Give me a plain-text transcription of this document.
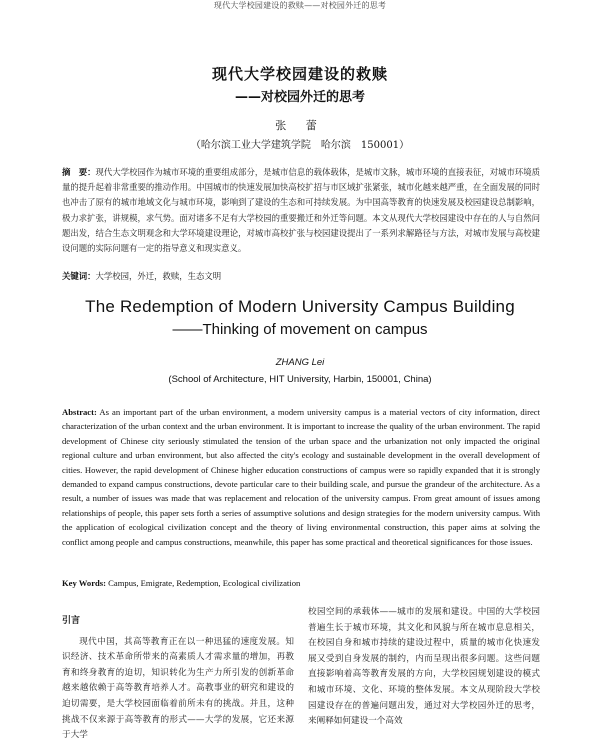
现代大学校园建设的救赎——对校园外迁的思考
现代大学校园建设的救赎
——对校园外迁的思考
张 蕾
（哈尔滨工业大学建筑学院　哈尔滨　150001）
摘　要：现代大学校园作为城市环境的重要组成部分，是城市信息的载体载体，是城市文脉，城市环境的直接表征，对城市环境质量的提升起着非常重要的推动作用。中国城市的快速发展加快高校扩招与市区域扩张紧张，城市化越来越严重，在全面发展的同时也冲击了原有的城市地域文化与城市环境，影响到了建设的生态和可持续发展。为中国高等教育的快速发展及校园建设总制影响，极力求扩张，讲规模，求气势。面对诸多不足有大学校园的重要搬迁和外迁等问题。本文从现代大学校园建设中存在的人与自然问题出发，结合生态文明观念和大学环境建设理论，对城市高校扩张与校园建设提出了一系列求解路径与方法，对城市发展与高校建设问题的实际问题有一定的指导意义和现实意义。
关键词：大学校园，外迁，救赎，生态文明
The Redemption of Modern University Campus Building
——Thinking of movement on campus
ZHANG Lei
(School of Architecture, HIT University, Harbin, 150001, China)
Abstract: As an important part of the urban environment, a modern university campus is a material vectors of city information, direct characterization of the urban context and the urban environment. It is important to increase the quality of the urban environment. The rapid development of Chinese city seriously stimulated the tension of the urban space and the urbanization not only impacted the original regional culture and urban environment, but also affected the city's ecology and sustainable development in the overall development of cities. However, the rapid development of Chinese higher education constructions of campus were so rapidly expanded that it is strongly demanded to expand campus constructions, devote particular care to their building scale, and pursue the grandeur of the architecture. As a result, a number of issues was made that was replacement and relocation of the university campus. From great amount of issues among relationships of people, this paper sets forth a series of assumptive solutions and design strategies for the modern university campus. With the application of ecological civilization concept and the theory of living environmental construction, this paper aims at solving the conflict among people and campus constructions, meanwhile, this paper has some practical and theoretical significances for those issues.
Key Words: Campus, Emigrate, Redemption, Ecological civilization
引言

现代中国，其高等教育正在以一种迅猛的速度发展。知识经济、技术革命所带来的高素质人才需求量的增加，再教育和终身教育的迫切，知识转化为生产力所引发的创新革命越来越依赖于高等教育培养人才。高教事业的研究和建设的迫切需要，是大学校园面临着前所未有的挑战。并且，这种挑战不仅来源于高等教育的形式——大学的发展，它还来源于大学

校园空间的承载体——城市的发展和建设。中国的大学校园普遍生长于城市环境，其文化和风貌与所在城市息息相关，在校园自身和城市持续的建设过程中，质量的城市化快速发展又受到自身发展的制约，内而呈现出很多问题。这些问题直接影响着高等教育发展的方向，大学校园规划建设的模式和城市环境、文化、环境的整体发展。本文从现阶段大学校园建设存在的普遍问题出发，通过对大学校园外迁的思考，来阐释如何建设一个高效
